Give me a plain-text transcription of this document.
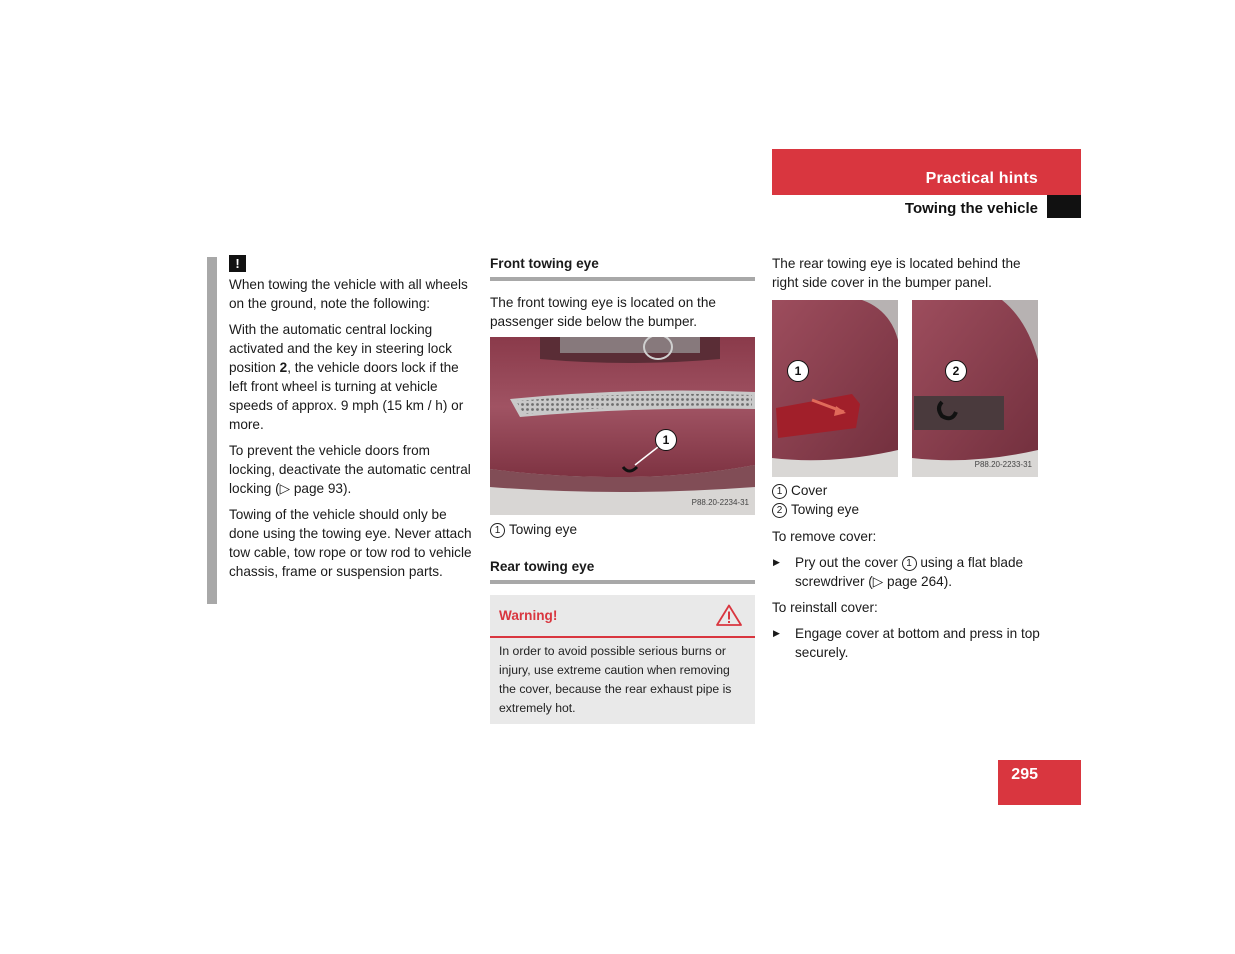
Practical hints
Towing the vehicle
!

When towing the vehicle with all wheels on the ground, note the following:

With the automatic central locking activated and the key in steering lock position 2, the vehicle doors lock if the left front wheel is turning at vehicle speeds of approx. 9 mph (15 km / h) or more.

To prevent the vehicle doors from locking, deactivate the automatic central locking (▷ page 93).

Towing of the vehicle should only be done using the towing eye. Never attach tow cable, tow rope or tow rod to vehicle chassis, frame or suspension parts.

Front towing eye

The front towing eye is located on the passenger side below the bumper.

1
P88.20-2234-31
1 Towing eye
Rear towing eye
Warning!
In order to avoid possible serious burns or injury, use extreme caution when removing the cover, because the rear exhaust pipe is extremely hot.

The rear towing eye is located behind the right side cover in the bumper panel.

1	2
P88.20-2233-31
1 Cover
2 Towing eye

To remove cover:

▶ Pry out the cover 1 using a flat blade screwdriver (▷ page 264).

To reinstall cover:

▶ Engage cover at bottom and press in top securely.
295
